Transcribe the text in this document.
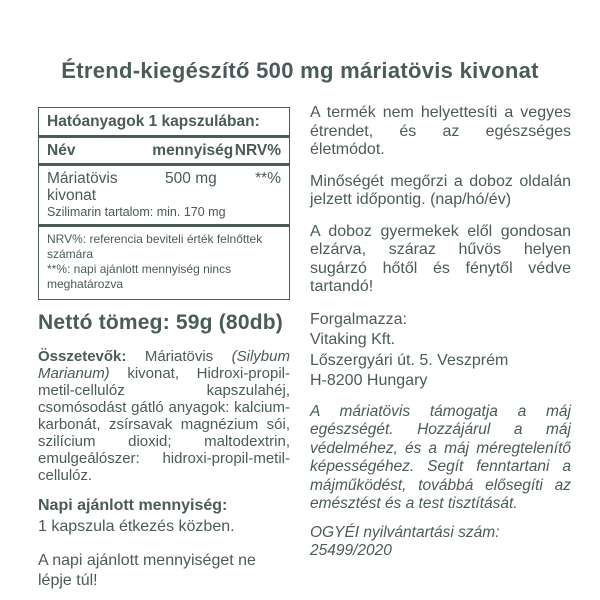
Étrend-kiegészítő 500 mg máriatövis kivonat
Hatóanyagok 1 kapszulában:
Név	mennyiség NRV%
Máriatövis kivonat
500 mg	**%
Szilimarin tartalom: min. 170 mg
NRV%: referencia beviteli érték felnőttek számára
**%: napi ajánlott mennyiség nincs meghatározva
Nettó tömeg: 59g (80db)

Összetevők: Máriatövis (Silybum Marianum) kivonat, Hidroxi-propil-metil-cellulóz kapszulahéj, csomósodást gátló anyagok: kalcium-karbonát, zsírsavak magnézium sói, szilícium dioxid; maltodextrin, emulgeálószer: hidroxi-propil-metil-cellulóz.

Napi ajánlott mennyiség:
1 kapszula étkezés közben.

A napi ajánlott mennyiséget ne lépje túl!

A termék nem helyettesíti a vegyes étrendet, és az egészséges életmódot.

Minőségét megőrzi a doboz oldalán jelzett időpontig. (nap/hó/év)

A doboz gyermekek elől gondosan elzárva, száraz hűvös helyen sugárzó hőtől és fénytől védve tartandó!

Forgalmazza:
Vitaking Kft.
Lőszergyári út. 5. Veszprém
H-8200 Hungary

A máriatövis támogatja a máj egészségét. Hozzájárul a máj védelméhez, és a máj méregtelenítő képességéhez. Segít fenntartani a májműködést, továbbá elősegíti az emésztést és a test tisztítását.

OGYÉI nyilvántartási szám: 25499/2020
